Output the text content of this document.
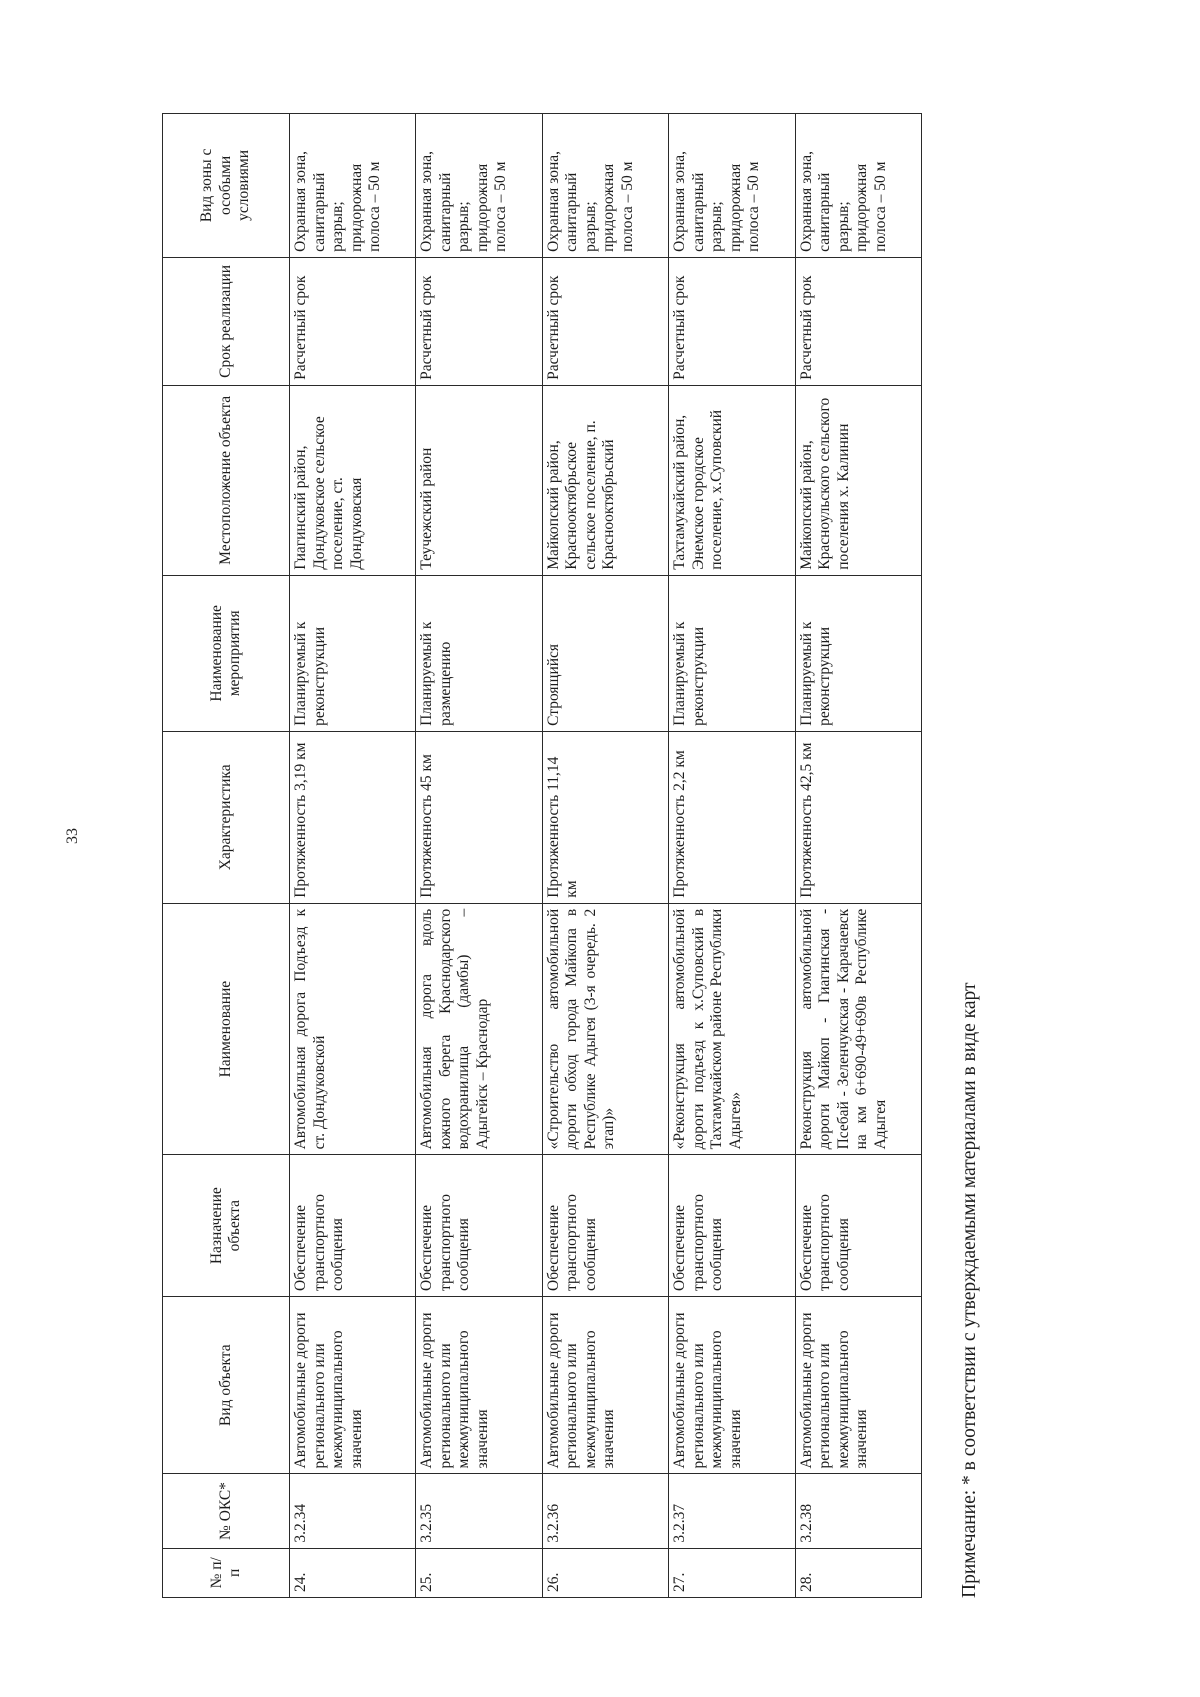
33
№ п/п	№ ОКС*	Вид объекта	Назначение объекта	Наименование	Характеристика	Наименование мероприятия	Местоположение объекта	Срок реализации	Вид зоны с особыми условиями
24.	3.2.34	Автомобильные дороги регионального или межмуниципального значения	Обеспечение транспортного сообщения	Автомобильная дорога Подъезд к ст. Дондуковской	Протяженность 3,19 км	Планируемый к реконструкции	Гиагинский район, Дондуковское сельское поселение, ст. Дондуковская	Расчетный срок	Охранная зона, санитарный разрыв; придорожная полоса – 50 м
25.	3.2.35	Автомобильные дороги регионального или межмуниципального значения	Обеспечение транспортного сообщения	Автомобильная дорога вдоль южного берега Краснодарского водохранилища (дамбы) – Адыгейск – Краснодар	Протяженность 45 км	Планируемый к размещению	Теучежский район	Расчетный срок	Охранная зона, санитарный разрыв; придорожная полоса – 50 м
26.	3.2.36	Автомобильные дороги регионального или межмуниципального значения	Обеспечение транспортного сообщения	«Строительство автомобильной дороги обход города Майкопа в Республике Адыгея (3-я очередь. 2 этап)»	Протяженность 11,14 км	Строящийся	Майкопский район, Краснооктябрьское сельское поселение, п. Краснооктябрьский	Расчетный срок	Охранная зона, санитарный разрыв; придорожная полоса – 50 м
27.	3.2.37	Автомобильные дороги регионального или межмуниципального значения	Обеспечение транспортного сообщения	«Реконструкция автомобильной дороги подъезд к х.Суповский в Тахтамукайском районе Республики Адыгея»	Протяженность 2,2 км	Планируемый к реконструкции	Тахтамукайский район, Энемское городское поселение, х.Суповский	Расчетный срок	Охранная зона, санитарный разрыв; придорожная полоса – 50 м
28.	3.2.38	Автомобильные дороги регионального или межмуниципального значения	Обеспечение транспортного сообщения	Реконструкция автомобильной дороги Майкоп - Гиагинская - Псебай - Зеленчукская - Карачаевск на км 6+690-49+690в Республике Адыгея	Протяженность 42,5 км	Планируемый к реконструкции	Майкопский район, Красноульского сельского поселения х. Калинин	Расчетный срок	Охранная зона, санитарный разрыв; придорожная полоса – 50 м
Примечание: * в соответствии с утверждаемыми материалами в виде карт
